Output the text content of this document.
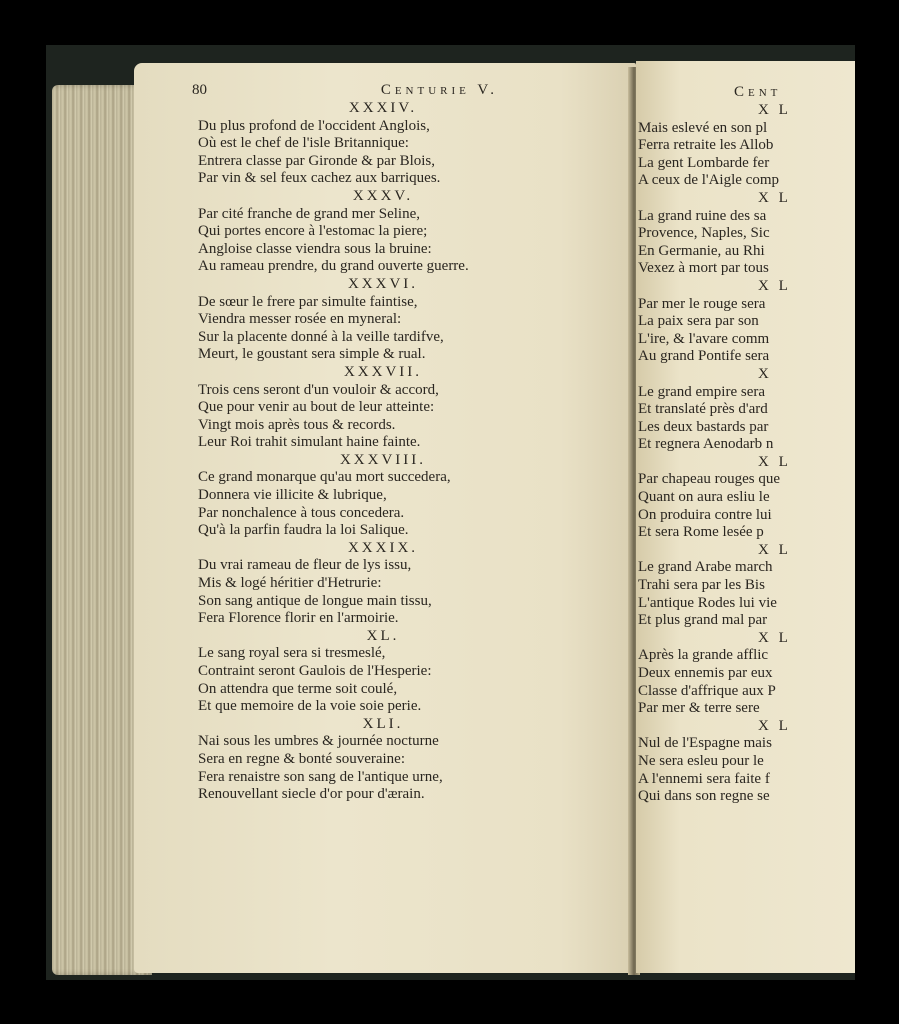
80	Centurie V.
XXXIV.
Du plus profond de l'occident Anglois,
Où est le chef de l'isle Britannique:
Entrera classe par Gironde & par Blois,
Par vin & sel feux cachez aux barriques.
XXXV.
Par cité franche de grand mer Seline,
Qui portes encore à l'estomac la piere;
Angloise classe viendra sous la bruine:
Au rameau prendre, du grand ouverte guerre.
XXXVI.
De sœur le frere par simulte faintise,
Viendra messer rosée en myneral:
Sur la placente donné à la veille tardifve,
Meurt, le goustant sera simple & rual.
XXXVII.
Trois cens seront d'un vouloir & accord,
Que pour venir au bout de leur atteinte:
Vingt mois après tous & records.
Leur Roi trahit simulant haine fainte.
XXXVIII.
Ce grand monarque qu'au mort succedera,
Donnera vie illicite & lubrique,
Par nonchalence à tous concedera.
Qu'à la parfin faudra la loi Salique.
XXXIX.
Du vrai rameau de fleur de lys issu,
Mis & logé héritier d'Hetrurie:
Son sang antique de longue main tissu,
Fera Florence florir en l'armoirie.
XL.
Le sang royal sera si tresmeslé,
Contraint seront Gaulois de l'Hesperie:
On attendra que terme soit coulé,
Et que memoire de la voie soie perie.
XLI.
Nai sous les umbres & journée nocturne
Sera en regne & bonté souveraine:
Fera renaistre son sang de l'antique urne,
Renouvellant siecle d'or pour d'ærain.
Cent
X L
Mais eslevé en son pl
Ferra retraite les Allob
La gent Lombarde fer
A ceux de l'Aigle comp
X L
La grand ruine des sa
Provence, Naples, Sic
En Germanie, au Rhi
Vexez à mort par tous
X L
Par mer le rouge sera
La paix sera par son
L'ire, & l'avare comm
Au grand Pontife sera
X
Le grand empire sera
Et translaté près d'ard
Les deux bastards par
Et regnera Aenodarb n
X L
Par chapeau rouges que
Quant on aura esliu le
On produira contre lui
Et sera Rome lesée p
X L
Le grand Arabe march
Trahi sera par les Bis
L'antique Rodes lui vie
Et plus grand mal par
X L
Après la grande afflic
Deux ennemis par eux
Classe d'affrique aux P
Par mer & terre sere
X L
Nul de l'Espagne mais
Ne sera esleu pour le
A l'ennemi sera faite f
Qui dans son regne se
